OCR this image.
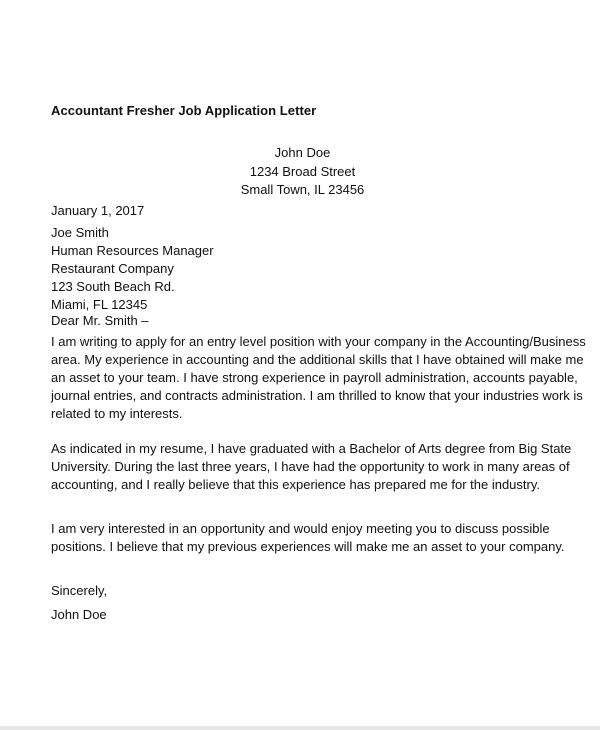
Accountant Fresher Job Application Letter
John Doe
1234 Broad Street
Small Town, IL 23456
January 1, 2017
Joe Smith
Human Resources Manager
Restaurant Company
123 South Beach Rd.
Miami, FL 12345
Dear Mr. Smith –
I am writing to apply for an entry level position with your company in the Accounting/Business
area. My experience in accounting and the additional skills that I have obtained will make me
an asset to your team. I have strong experience in payroll administration, accounts payable,
journal entries, and contracts administration. I am thrilled to know that your industries work is
related to my interests.
As indicated in my resume, I have graduated with a Bachelor of Arts degree from Big State
University. During the last three years, I have had the opportunity to work in many areas of
accounting, and I really believe that this experience has prepared me for the industry.
I am very interested in an opportunity and would enjoy meeting you to discuss possible
positions. I believe that my previous experiences will make me an asset to your company.
Sincerely,
John Doe
